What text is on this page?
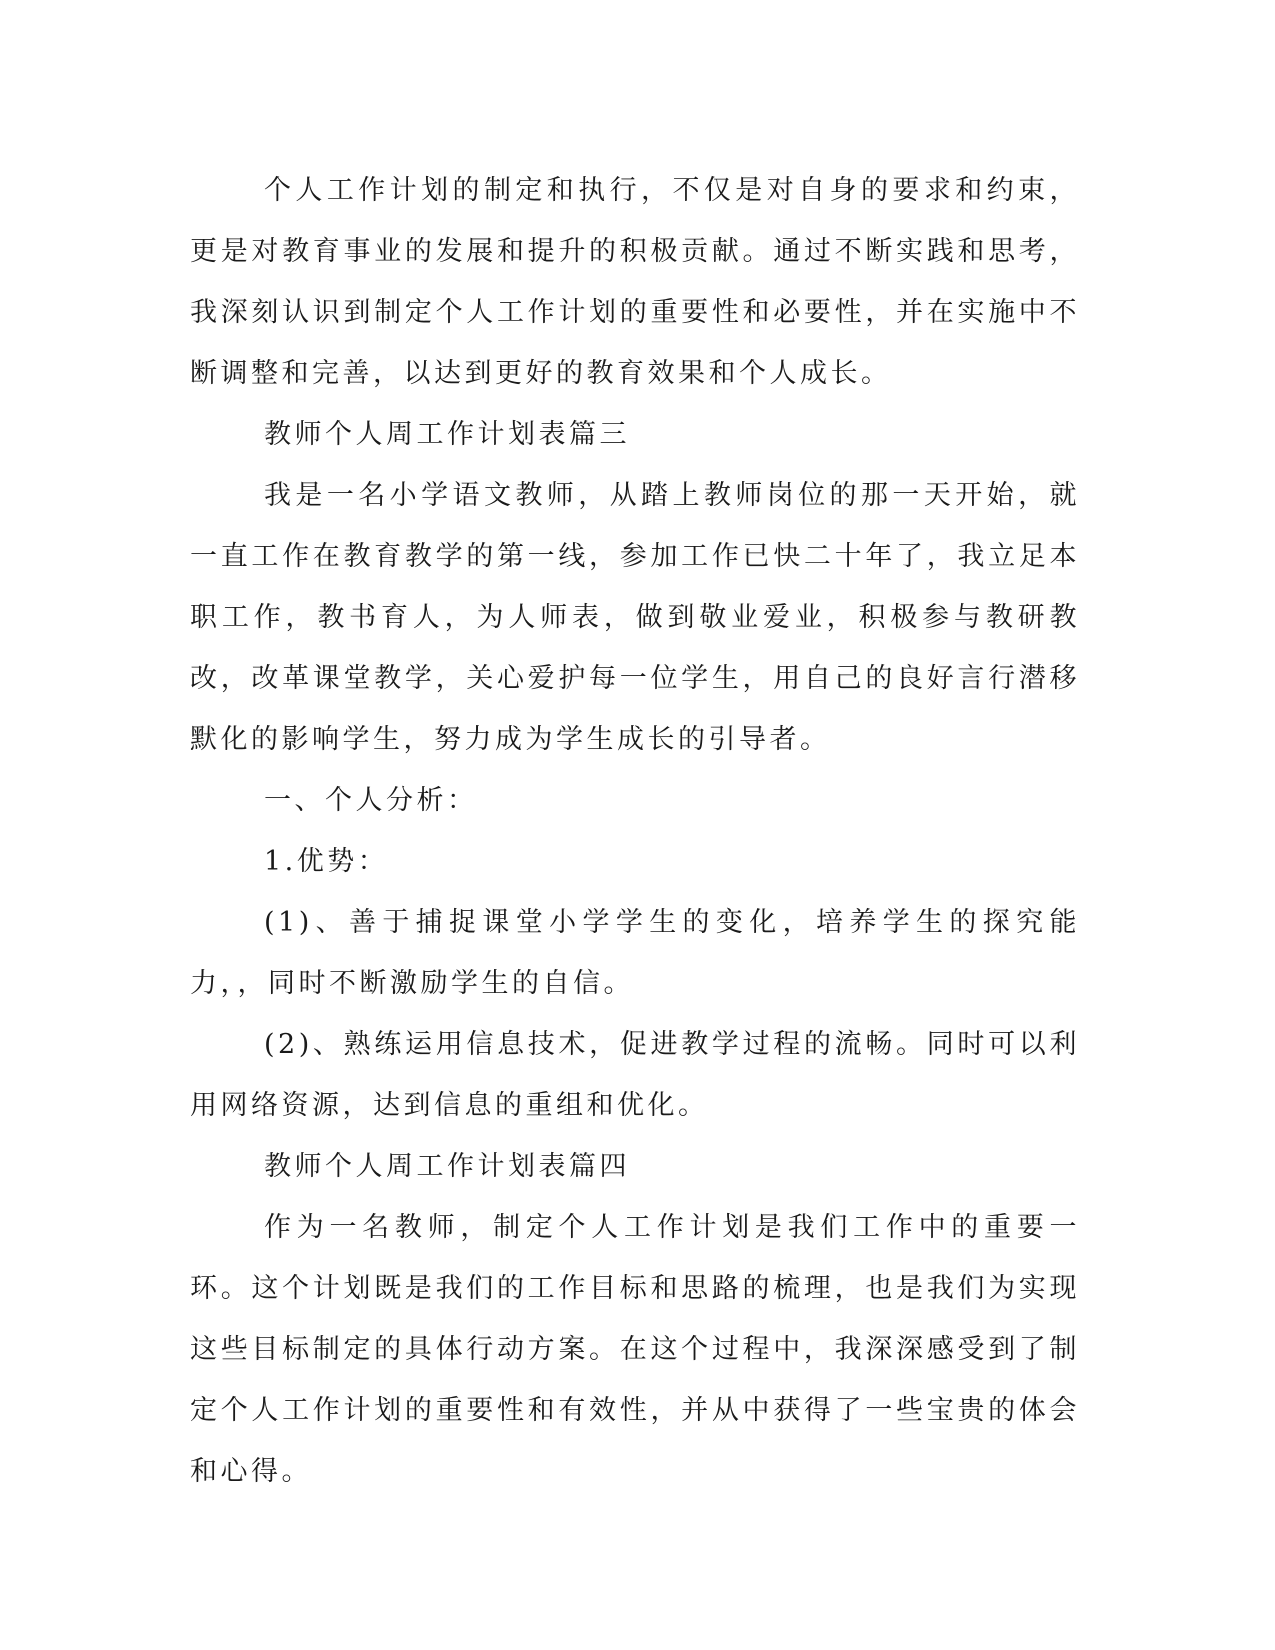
个人工作计划的制定和执行，不仅是对自身的要求和约束，更是对教育事业的发展和提升的积极贡献。通过不断实践和思考，我深刻认识到制定个人工作计划的重要性和必要性，并在实施中不断调整和完善，以达到更好的教育效果和个人成长。

教师个人周工作计划表篇三

我是一名小学语文教师，从踏上教师岗位的那一天开始，就一直工作在教育教学的第一线，参加工作已快二十年了，我立足本职工作，教书育人，为人师表，做到敬业爱业，积极参与教研教改，改革课堂教学，关心爱护每一位学生，用自己的良好言行潜移默化的影响学生，努力成为学生成长的引导者。

一、个人分析：

1.优势：

(1)、善于捕捉课堂小学学生的变化，培养学生的探究能力，，同时不断激励学生的自信。

(2)、熟练运用信息技术，促进教学过程的流畅。同时可以利用网络资源，达到信息的重组和优化。

教师个人周工作计划表篇四

作为一名教师，制定个人工作计划是我们工作中的重要一环。这个计划既是我们的工作目标和思路的梳理，也是我们为实现这些目标制定的具体行动方案。在这个过程中，我深深感受到了制定个人工作计划的重要性和有效性，并从中获得了一些宝贵的体会和心得。
